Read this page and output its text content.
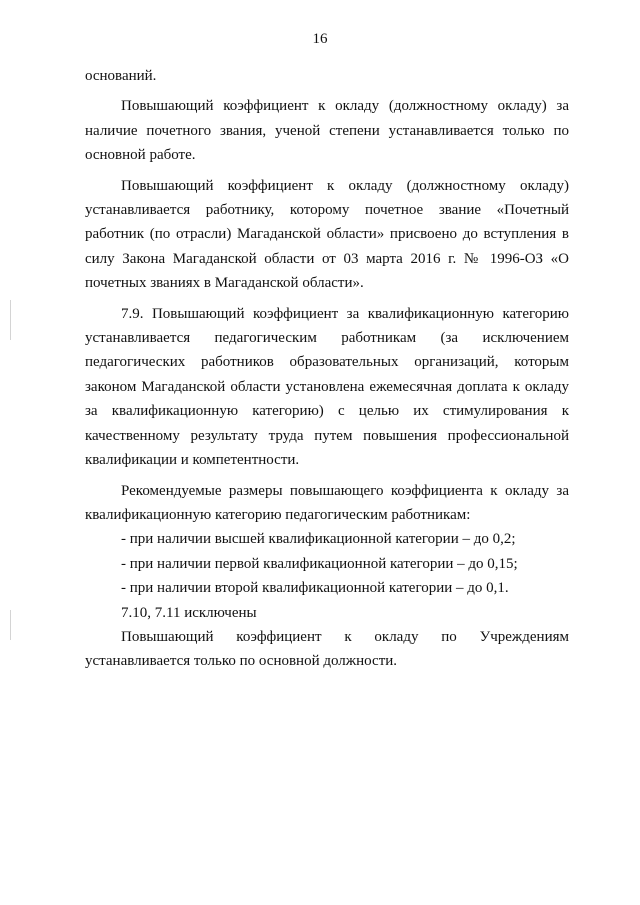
16

оснований.

Повышающий коэффициент к окладу (должностному окладу) за наличие почетного звания, ученой степени устанавливается только по основной работе.

Повышающий коэффициент к окладу (должностному окладу) устанавливается работнику, которому почетное звание «Почетный работник (по отрасли) Магаданской области» присвоено до вступления в силу Закона Магаданской области от 03 марта 2016 г. № 1996-ОЗ «О почетных званиях в Магаданской области».

7.9. Повышающий коэффициент за квалификационную категорию устанавливается педагогическим работникам (за исключением педагогических работников образовательных организаций, которым законом Магаданской области установлена ежемесячная доплата к окладу за квалификационную категорию) с целью их стимулирования к качественному результату труда путем повышения профессиональной квалификации и компетентности.

Рекомендуемые размеры повышающего коэффициента к окладу за квалификационную категорию педагогическим работникам:

- при наличии высшей квалификационной категории – до 0,2;

- при наличии первой квалификационной категории – до 0,15;

- при наличии второй квалификационной категории – до 0,1.

7.10, 7.11 исключены

Повышающий коэффициент к окладу по Учреждениям

устанавливается только по основной должности.
